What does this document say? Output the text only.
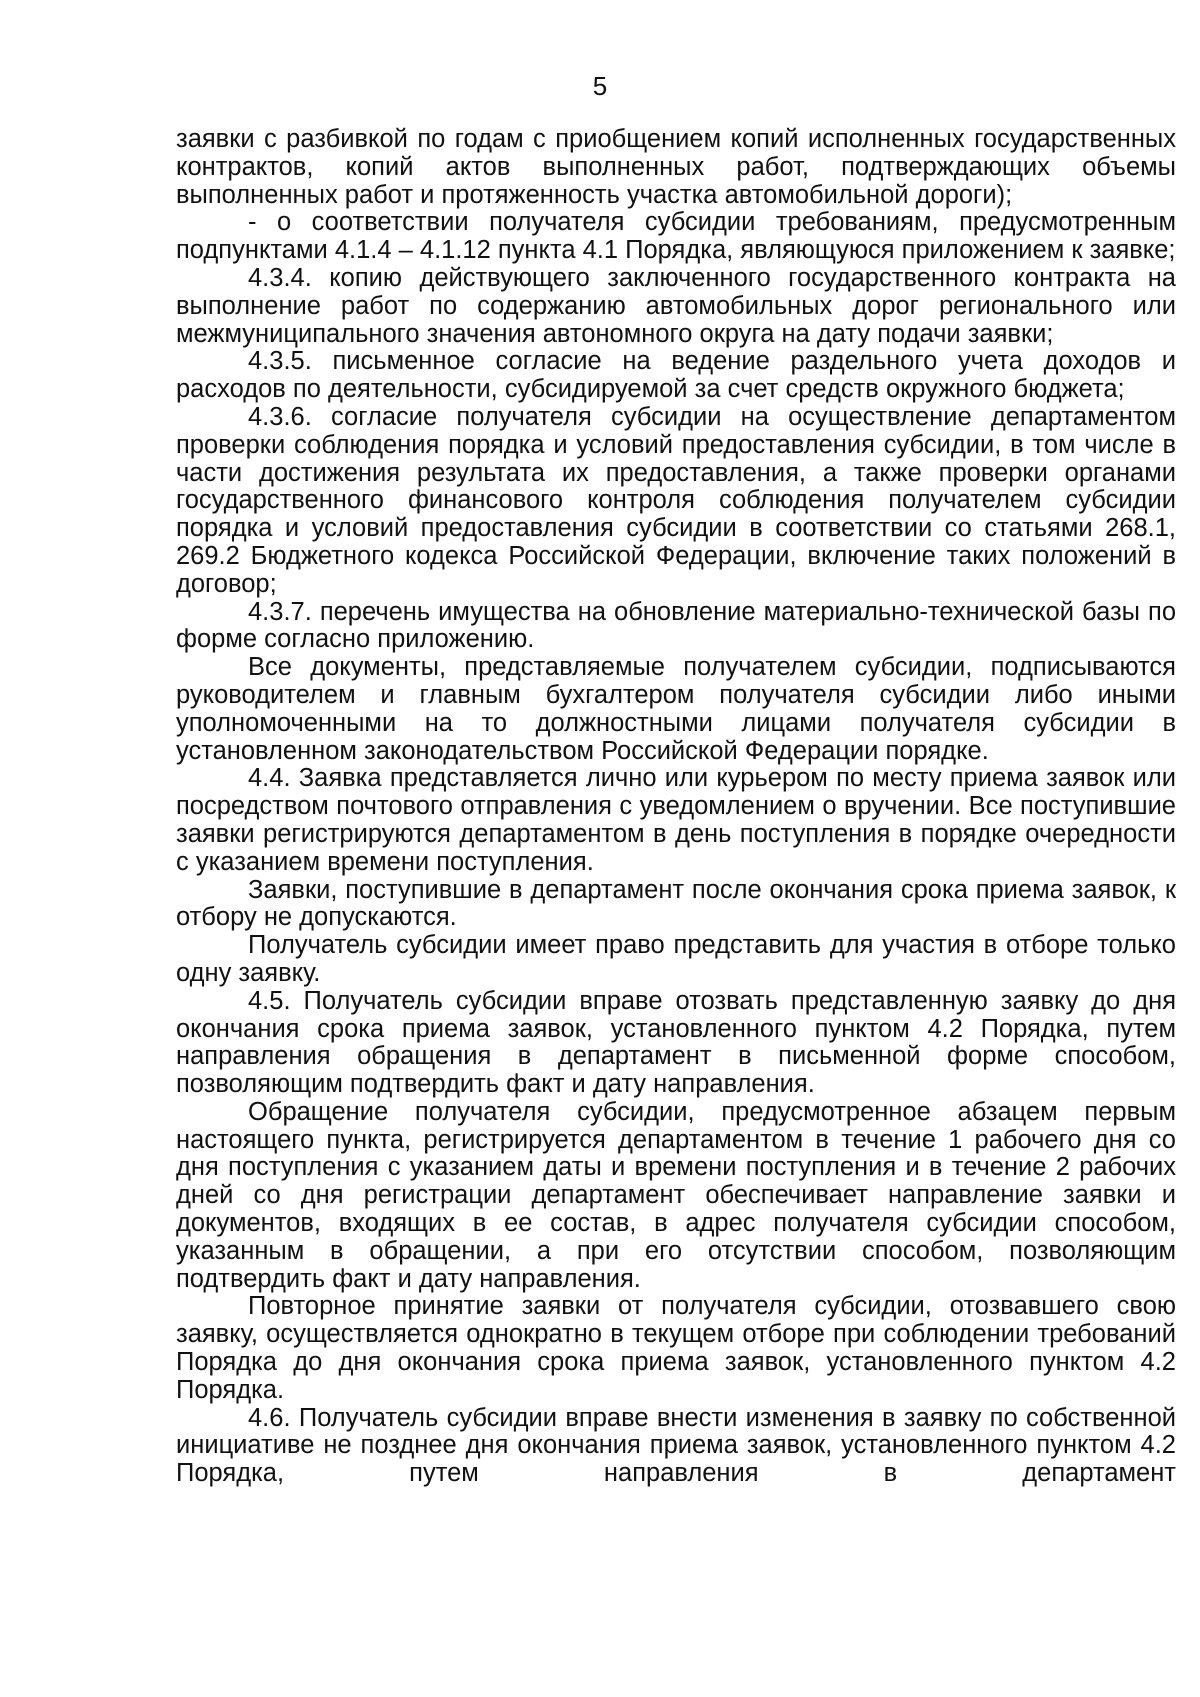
5

заявки с разбивкой по годам с приобщением копий исполненных государственных контрактов, копий актов выполненных работ, подтверждающих объемы выполненных работ и протяженность участка автомобильной дороги);

- о соответствии получателя субсидии требованиям, предусмотренным подпунктами 4.1.4 – 4.1.12 пункта 4.1 Порядка, являющуюся приложением к заявке;

4.3.4. копию действующего заключенного государственного контракта на выполнение работ по содержанию автомобильных дорог регионального или межмуниципального значения автономного округа на дату подачи заявки;

4.3.5. письменное согласие на ведение раздельного учета доходов и расходов по деятельности, субсидируемой за счет средств окружного бюджета;

4.3.6. согласие получателя субсидии на осуществление департаментом проверки соблюдения порядка и условий предоставления субсидии, в том числе в части достижения результата их предоставления, а также проверки органами государственного финансового контроля соблюдения получателем субсидии порядка и условий предоставления субсидии в соответствии со статьями 268.1, 269.2 Бюджетного кодекса Российской Федерации, включение таких положений в договор;

4.3.7. перечень имущества на обновление материально-технической базы по форме согласно приложению.

Все документы, представляемые получателем субсидии, подписываются руководителем и главным бухгалтером получателя субсидии либо иными уполномоченными на то должностными лицами получателя субсидии в установленном законодательством Российской Федерации порядке.

4.4. Заявка представляется лично или курьером по месту приема заявок или посредством почтового отправления с уведомлением о вручении. Все поступившие заявки регистрируются департаментом в день поступления в порядке очередности с указанием времени поступления.

Заявки, поступившие в департамент после окончания срока приема заявок, к отбору не допускаются.

Получатель субсидии имеет право представить для участия в отборе только одну заявку.

4.5. Получатель субсидии вправе отозвать представленную заявку до дня окончания срока приема заявок, установленного пунктом 4.2 Порядка, путем направления обращения в департамент в письменной форме способом, позволяющим подтвердить факт и дату направления.

Обращение получателя субсидии, предусмотренное абзацем первым настоящего пункта, регистрируется департаментом в течение 1 рабочего дня со дня поступления с указанием даты и времени поступления и в течение 2 рабочих дней со дня регистрации департамент обеспечивает направление заявки и документов, входящих в ее состав, в адрес получателя субсидии способом, указанным в обращении, а при его отсутствии способом, позволяющим подтвердить факт и дату направления.

Повторное принятие заявки от получателя субсидии, отозвавшего свою заявку, осуществляется однократно в текущем отборе при соблюдении требований Порядка до дня окончания срока приема заявок, установленного пунктом 4.2 Порядка.

4.6. Получатель субсидии вправе внести изменения в заявку по собственной инициативе не позднее дня окончания приема заявок, установленного пунктом 4.2 Порядка, путем направления в департамент
